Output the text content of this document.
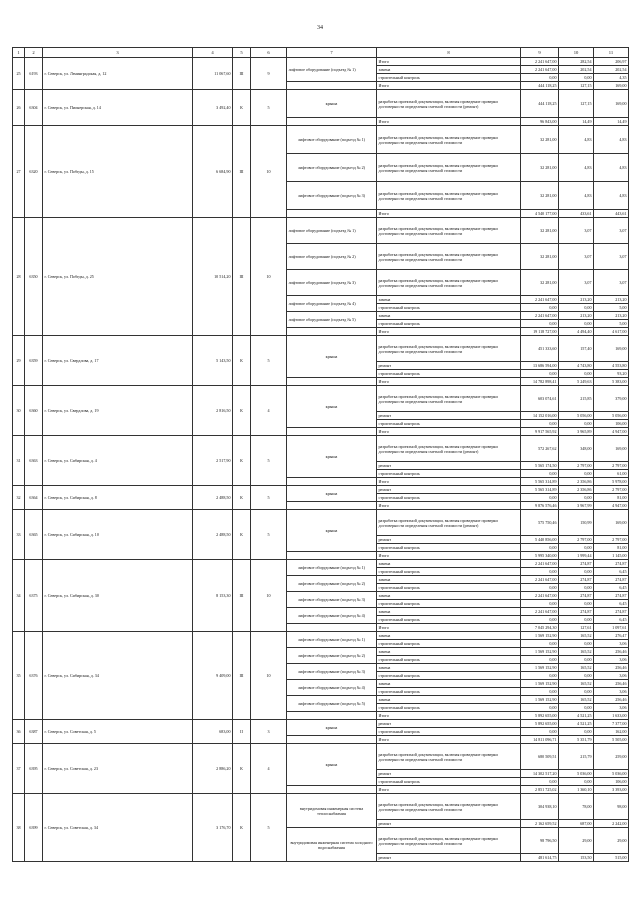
34
1	2	3	4	5	6	7	8	9	10	11
25	6193	г. Северск, ул. Ленинградская, д. 12	11 067,60	III	9	лифтовое оборудование (подъезд № 1)	Итого	2 241 647,00	282,54	206,97
							замена	2 241 647,00	202,54	202,54
							строительный контроль	0,00	0,00	4,35
							Итого	444 118,25	127,15	169,00
26	6304	г. Северск, ул. Пионерская, д. 14	3 492,40	К	5	крыша	разработка проектной документации, включая проведение проверки достоверности определения сметной стоимости (ремонт)	444 118,25	127,15	169,00
							Итого	96 843,00	14,49	14,49
27	6320	г. Северск, ул. Победы, д. 15	6 684,90	III	10	лифтовое оборудование (подъезд № 1)	разработка проектной документации, включая проведение проверки достоверности определения сметной стоимости	32 281,00	4,83	4,83
						лифтовое оборудование (подъезд № 2)	разработка проектной документации, включая проведение проверки достоверности определения сметной стоимости	32 281,00	4,83	4,83
						лифтовое оборудование (подъезд № 3)	разработка проектной документации, включая проведение проверки достоверности определения сметной стоимости	32 281,00	4,83	4,83
							Итого	4 540 177,00	433,61	443,61
28	6350	г. Северск, ул. Победы, д. 25	10 514,20	III	10	лифтовое оборудование (подъезд № 1)	разработка проектной документации, включая проведение проверки достоверности определения сметной стоимости	32 281,00	3,07	3,07
						лифтовое оборудование (подъезд № 2)	разработка проектной документации, включая проведение проверки достоверности определения сметной стоимости	32 281,00	3,07	3,07
						лифтовое оборудование (подъезд № 3)	разработка проектной документации, включая проведение проверки достоверности определения сметной стоимости	32 281,00	3,07	3,07
						лифтовое оборудование (подъезд № 4)	замена	2 241 647,00	213,20	213,20
							строительный контроль	0,00	0,00	5,00
						лифтовое оборудование (подъезд № 5)	замена	2 241 647,00	213,20	213,20
							строительный контроль	0,00	0,00	5,00
							Итого	19 118 727,00	4 494,40	4 617,00
29	6359	г. Северск, ул. Свердлова, д. 17	5 143,50	К	5	крыша	разработка проектной документации, включая проведение проверки достоверности определения сметной стоимости	451 333,60	157,40	169,00
							ремонт	13 686 594,00	4 743,80	4 553,80
							строительный контроль	0,00	0,00	93,20
							Итого	14 782 898,41	5 249,63	5 383,00
30	6360	г. Северск, ул. Свердлова, д. 19	2 816,50	К	4	крыша	разработка проектной документации, включая проведение проверки достоверности определения сметной стоимости	603 074,61	215,85	379,00
							ремонт	14 152 016,00	5 056,00	5 056,00
							строительный контроль	0,00	0,00	106,00
							Итого	9 917 565,92	3 965,89	4 947,00
31	6363	г. Северск, ул. Сибирская, д. 4	2 517,90	К	5	крыша	разработка проектной документации, включая проведение проверки достоверности определения сметной стоимости (ремонт)	572 267,62	348,00	169,00
							ремонт	5 565 174,50	2 797,00	2 797,00
							строительный контроль	0,00	0,00	61,00
							Итого	5 565 314,89	2 356,86	5 978,00
32	6364	г. Северск, ул. Сибирская, д. 8	2 488,50	К	5	крыша	ремонт	5 565 314,89	2 356,86	2 797,00
							строительный контроль	0,00	0,00	81,00
							Итого	9 876 576,46	3 967,99	4 947,00
33	6365	г. Северск, ул. Сибирская, д. 10	2 488,50	К	5	крыша	разработка проектной документации, включая проведение проверки достоверности определения сметной стоимости (ремонт)	575 750,46	150,99	169,00
							ремонт	5 440 856,00	2 797,00	2 797,00
							строительный контроль	0,00	0,00	81,00
							Итого	5 995 340,00	1 999,44	1 145,00
34	6375	г. Северск, ул. Сибирская, д. 30	8 153,30	III	10	лифтовое оборудование (подъезд № 1)	замена	2 241 647,00	274,87	274,87
							строительный контроль	0,00	0,00	6,45
						лифтовое оборудование (подъезд № 2)	замена	2 241 647,00	274,87	274,87
							строительный контроль	0,00	0,00	6,45
						лифтовое оборудование (подъезд № 3)	замена	2 241 647,00	274,87	274,87
							строительный контроль	0,00	0,00	6,45
						лифтовое оборудование (подъезд № 4)	замена	2 241 647,00	274,87	274,87
							строительный контроль	0,00	0,00	6,45
							Итого	7 045 294,30	127,61	1 097,61
35	6376	г. Северск, ул. Сибирская, д. 34	9 409,00	III	10	лифтовое оборудование (подъезд № 1)	замена	1 569 152,90	165,52	276,47
							строительный контроль	0,00	0,00	3,06
						лифтовое оборудование (подъезд № 2)	замена	1 569 152,90	165,52	256,46
							строительный контроль	0,00	0,00	3,06
						лифтовое оборудование (подъезд № 3)	замена	1 569 152,90	165,52	256,46
							строительный контроль	0,00	0,00	3,06
						лифтовое оборудование (подъезд № 4)	замена	1 569 152,90	165,52	256,46
							строительный контроль	0,00	0,00	3,06
						лифтовое оборудование (подъезд № 5)	замена	1 569 152,90	165,52	256,46
							строительный контроль	0,00	0,00	3,06
							Итого	5 892 655,00	4 521,25	1 633,00
36	6387	г. Северск, ул. Советская, д. 5	683,00	II	3	крыша	ремонт	5 892 655,00	4 521,25	7 377,00
							строительный контроль	0,00	0,00	162,00
							Итого	14 811 096,71	5 351,79	5 505,00
37	6395	г. Северск, ул. Советская, д. 23	2 886,20	К	4	крыша	разработка проектной документации, включая проведение проверки достоверности определения сметной стоимости	680 509,51	215,79	259,00
							ремонт	14 302 517,20	5 036,00	5 036,00
							строительный контроль	0,00	0,00	106,00
							Итого	2 851 725,02	1 360,10	3 393,00
38	6399	г. Северск, ул. Советская, д. 34	3 176,70	К	5	внутридомовая инженерная система теплоснабжения	разработка проектной документации, включая проведение проверки достоверности определения сметной стоимости	304 938,10	78,00	98,00
							ремонт	2 162 659,52	687,00	2 242,00
						внутридомовая инженерная система холодного водоснабжения	разработка проектной документации, включая проведение проверки достоверности определения сметной стоимости	98 796,50	29,00	29,00
							ремонт	481 614,75	153,50	515,00
